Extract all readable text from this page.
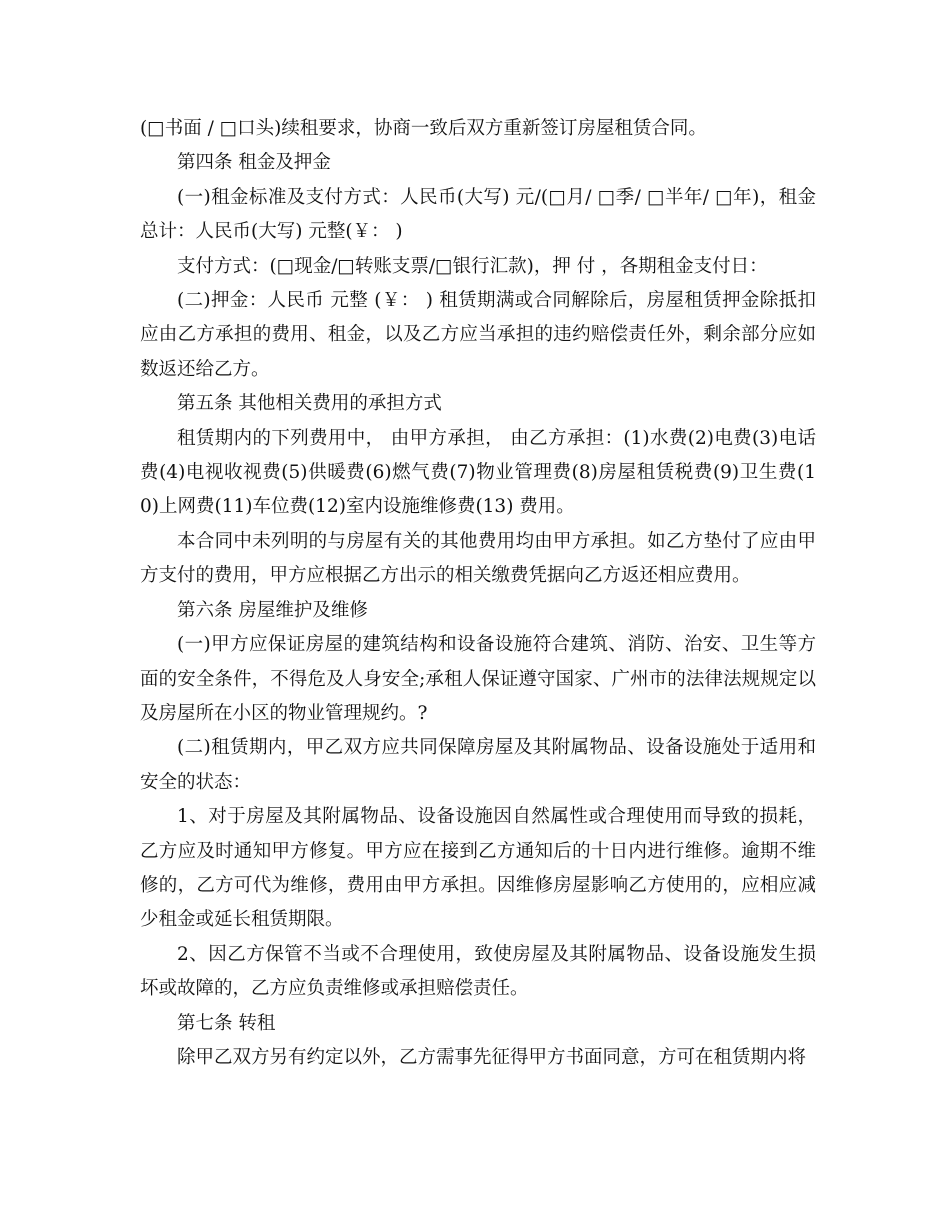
(□书面 / □口头)续租要求，协商一致后双方重新签订房屋租赁合同。

第四条 租金及押金

(一)租金标准及支付方式：人民币(大写) 元/(□月/ □季/ □半年/ □年)，租金总计：人民币(大写) 元整(￥： )

支付方式：(□现金/□转账支票/□银行汇款)，押 付 ，各期租金支付日：

(二)押金：人民币 元整 (￥： ) 租赁期满或合同解除后，房屋租赁押金除抵扣应由乙方承担的费用、租金，以及乙方应当承担的违约赔偿责任外，剩余部分应如数返还给乙方。

第五条 其他相关费用的承担方式

租赁期内的下列费用中， 由甲方承担， 由乙方承担：(1)水费(2)电费(3)电话费(4)电视收视费(5)供暖费(6)燃气费(7)物业管理费(8)房屋租赁税费(9)卫生费(10)上网费(11)车位费(12)室内设施维修费(13) 费用。

本合同中未列明的与房屋有关的其他费用均由甲方承担。如乙方垫付了应由甲方支付的费用，甲方应根据乙方出示的相关缴费凭据向乙方返还相应费用。

第六条 房屋维护及维修

(一)甲方应保证房屋的建筑结构和设备设施符合建筑、消防、治安、卫生等方面的安全条件，不得危及人身安全;承租人保证遵守国家、广州市的法律法规规定以及房屋所在小区的物业管理规约。?

(二)租赁期内，甲乙双方应共同保障房屋及其附属物品、设备设施处于适用和安全的状态：

1、对于房屋及其附属物品、设备设施因自然属性或合理使用而导致的损耗，乙方应及时通知甲方修复。甲方应在接到乙方通知后的十日内进行维修。逾期不维修的，乙方可代为维修，费用由甲方承担。因维修房屋影响乙方使用的，应相应减少租金或延长租赁期限。

2、因乙方保管不当或不合理使用，致使房屋及其附属物品、设备设施发生损坏或故障的，乙方应负责维修或承担赔偿责任。

第七条 转租

除甲乙双方另有约定以外，乙方需事先征得甲方书面同意，方可在租赁期内将
